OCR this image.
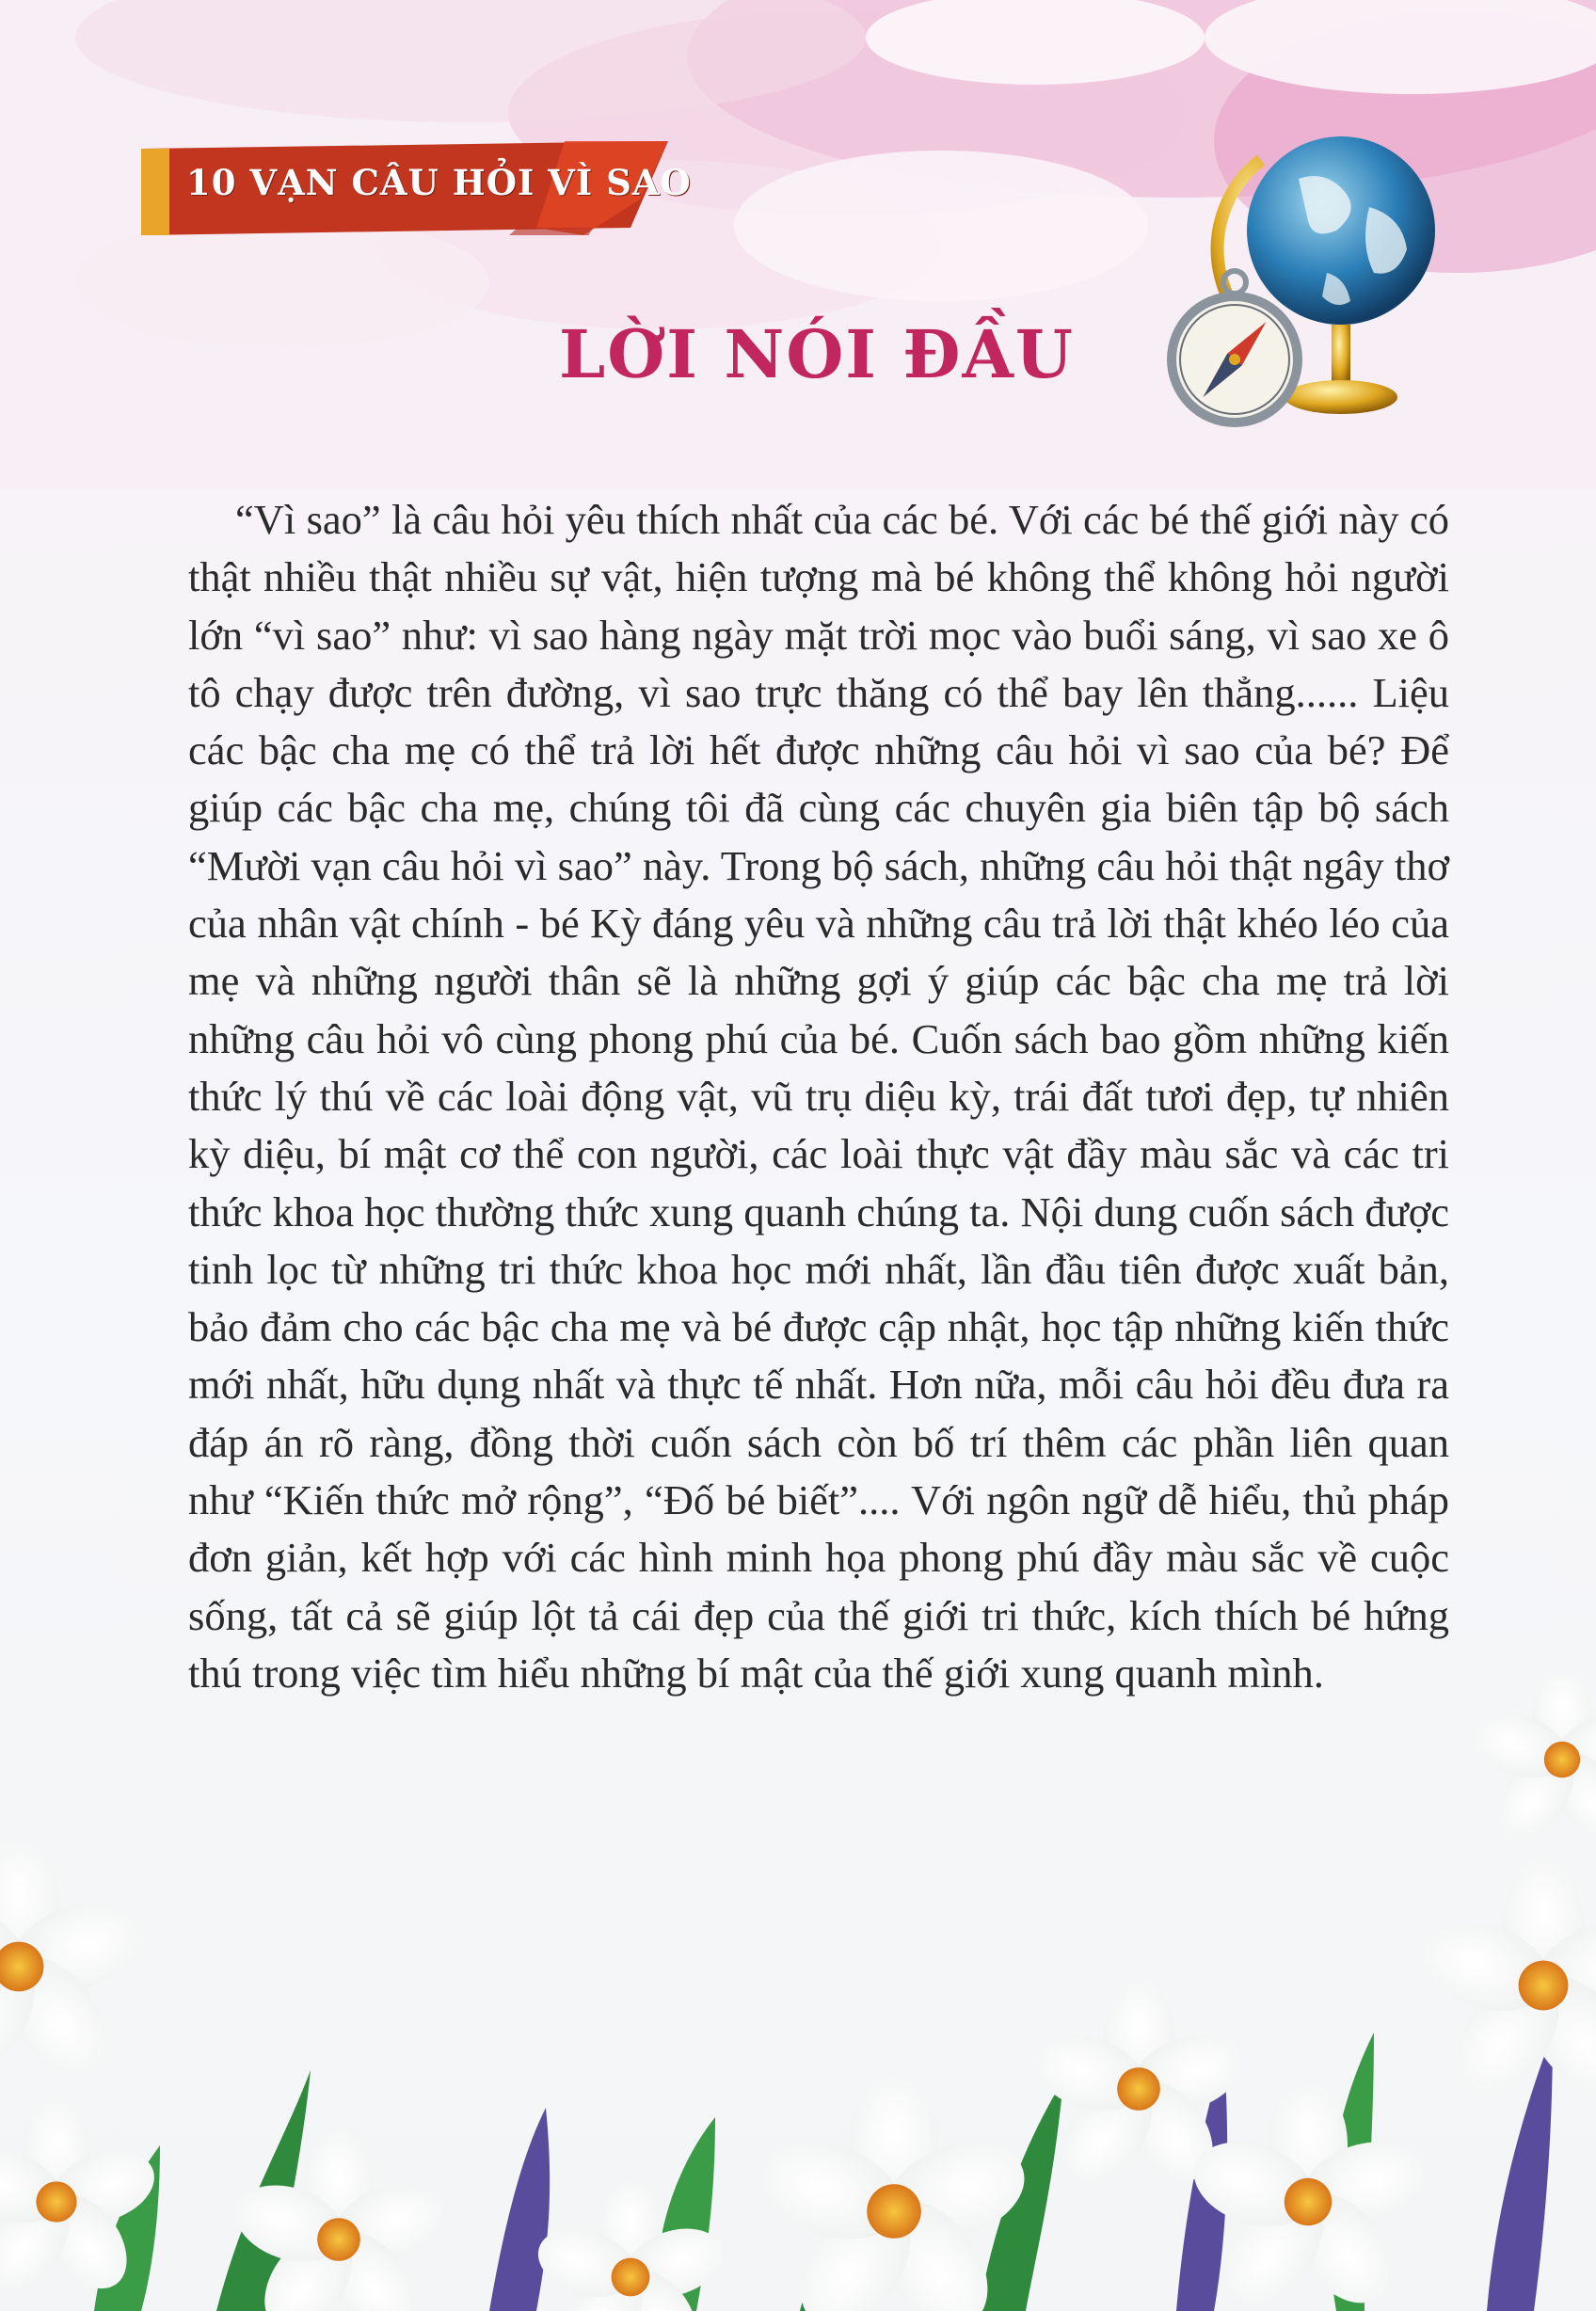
10 VẠN CÂU HỎI VÌ SAO
LỜI NÓI ĐẦU

“Vì sao” là câu hỏi yêu thích nhất của các bé. Với các bé thế giới này có thật nhiều thật nhiều sự vật, hiện tượng mà bé không thể không hỏi người lớn “vì sao” như: vì sao hàng ngày mặt trời mọc vào buổi sáng, vì sao xe ô tô chạy được trên đường, vì sao trực thăng có thể bay lên thẳng...... Liệu các bậc cha mẹ có thể trả lời hết được những câu hỏi vì sao của bé? Để giúp các bậc cha mẹ, chúng tôi đã cùng các chuyên gia biên tập bộ sách “Mười vạn câu hỏi vì sao” này. Trong bộ sách, những câu hỏi thật ngây thơ của nhân vật chính - bé Kỳ đáng yêu và những câu trả lời thật khéo léo của mẹ và những người thân sẽ là những gợi ý giúp các bậc cha mẹ trả lời những câu hỏi vô cùng phong phú của bé. Cuốn sách bao gồm những kiến thức lý thú về các loài động vật, vũ trụ diệu kỳ, trái đất tươi đẹp, tự nhiên kỳ diệu, bí mật cơ thể con người, các loài thực vật đầy màu sắc và các tri thức khoa học thường thức xung quanh chúng ta. Nội dung cuốn sách được tinh lọc từ những tri thức khoa học mới nhất, lần đầu tiên được xuất bản, bảo đảm cho các bậc cha mẹ và bé được cập nhật, học tập những kiến thức mới nhất, hữu dụng nhất và thực tế nhất. Hơn nữa, mỗi câu hỏi đều đưa ra đáp án rõ ràng, đồng thời cuốn sách còn bố trí thêm các phần liên quan như “Kiến thức mở rộng”, “Đố bé biết”.... Với ngôn ngữ dễ hiểu, thủ pháp đơn giản, kết hợp với các hình minh họa phong phú đầy màu sắc về cuộc sống, tất cả sẽ giúp lột tả cái đẹp của thế giới tri thức, kích thích bé hứng thú trong việc tìm hiểu những bí mật của thế giới xung quanh mình.
